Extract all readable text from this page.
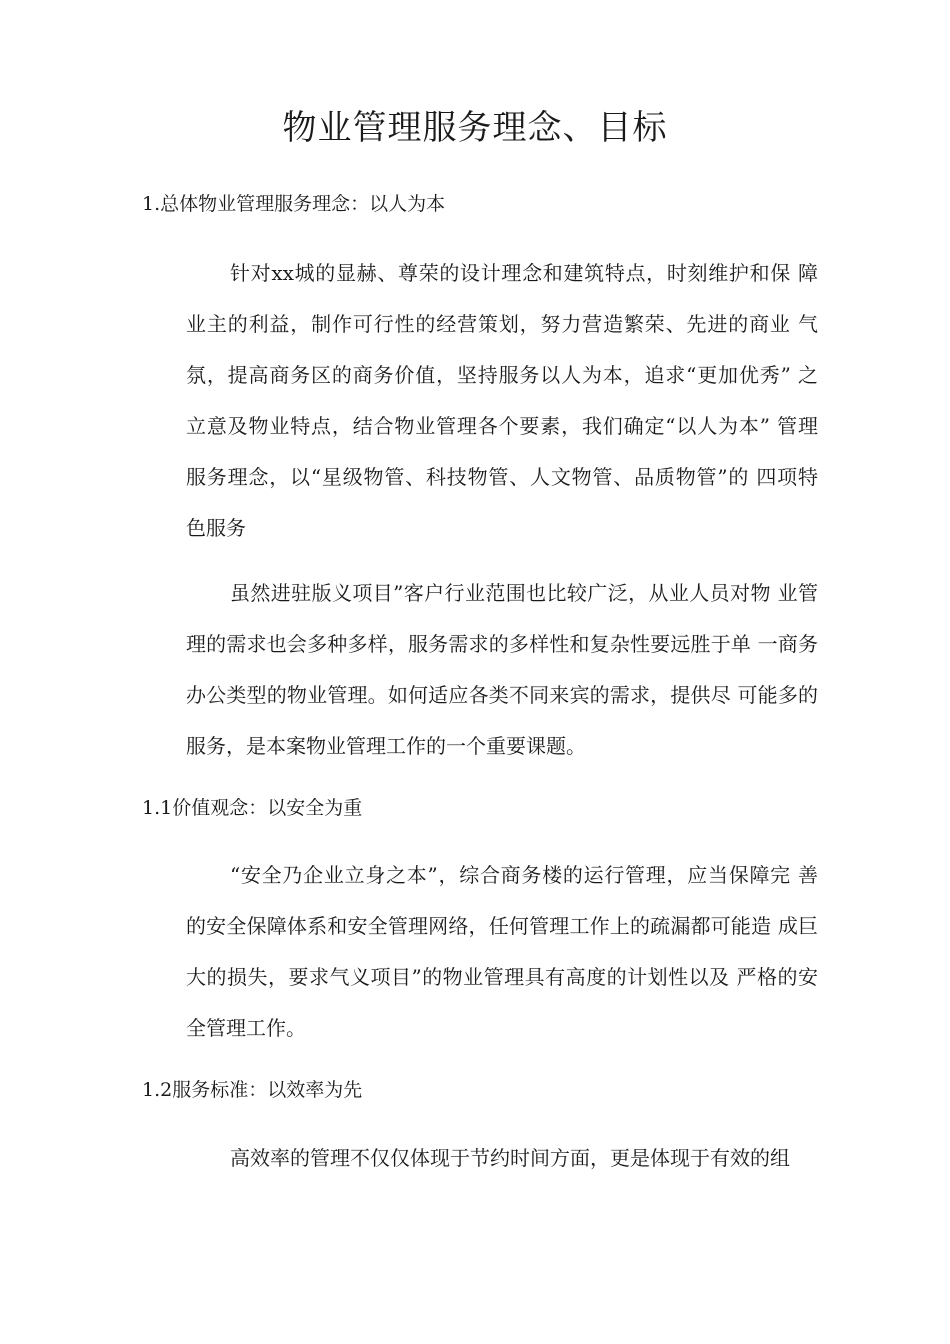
物业管理服务理念、目标
1.总体物业管理服务理念：以人为本
针对xx城的显赫、尊荣的设计理念和建筑特点，时刻维护和保 障
业主的利益，制作可行性的经营策划，努力营造繁荣、先进的商业 气
氛，提高商务区的商务价值，坚持服务以人为本，追求“更加优秀” 之
立意及物业特点，结合物业管理各个要素，我们确定“以人为本” 管理
服务理念，以“星级物管、科技物管、人文物管、品质物管”的 四项特
色服务
虽然进驻版义项目”客户行业范围也比较广泛，从业人员对物 业管
理的需求也会多种多样，服务需求的多样性和复杂性要远胜于单 一商务
办公类型的物业管理。如何适应各类不同来宾的需求，提供尽 可能多的
服务，是本案物业管理工作的一个重要课题。
1.1价值观念：以安全为重
“安全乃企业立身之本”，综合商务楼的运行管理，应当保障完 善
的安全保障体系和安全管理网络，任何管理工作上的疏漏都可能造 成巨
大的损失，要求气义项目”的物业管理具有高度的计划性以及 严格的安
全管理工作。
1.2服务标准：以效率为先
高效率的管理不仅仅体现于节约时间方面，更是体现于有效的组
